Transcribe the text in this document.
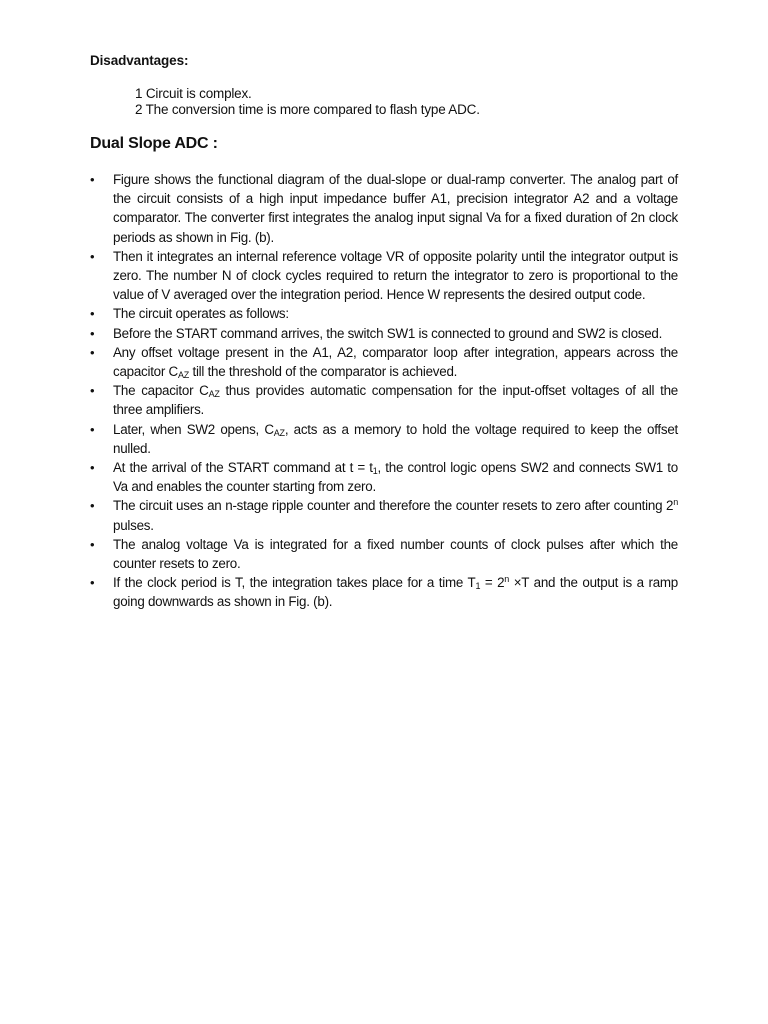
Disadvantages:
1 Circuit is complex.
2 The conversion time is more compared to flash type ADC.
Dual Slope ADC :
• Figure shows the functional diagram of the dual-slope or dual-ramp converter. The analog part of the circuit consists of a high input impedance buffer A1, precision integrator A2 and a voltage comparator. The converter first integrates the analog input signal Va for a fixed duration of 2n clock periods as shown in Fig. (b).
• Then it integrates an internal reference voltage VR of opposite polarity until the integrator output is zero. The number N of clock cycles required to return the integrator to zero is proportional to the value of V averaged over the integration period. Hence W represents the desired output code.
• The circuit operates as follows:
• Before the START command arrives, the switch SW1 is connected to ground and SW2 is closed.
• Any offset voltage present in the A1, A2, comparator loop after integration, appears across the capacitor $C_{AZ}$ till the threshold of the comparator is achieved.
• The capacitor $C_{AZ}$ thus provides automatic compensation for the input-offset voltages of all the three amplifiers.
• Later, when SW2 opens, $C_{AZ}$, acts as a memory to hold the voltage required to keep the offset nulled.
• At the arrival of the START command at $t = t_1$, the control logic opens SW2 and connects SW1 to Va and enables the counter starting from zero.
• The circuit uses an n-stage ripple counter and therefore the counter resets to zero after counting 2$^n$ pulses.
• The analog voltage Va is integrated for a fixed number counts of clock pulses after which the counter resets to zero.
• If the clock period is T, the integration takes place for a time $T_1 = 2^n \times T$ and the output is a ramp going downwards as shown in Fig. (b).
